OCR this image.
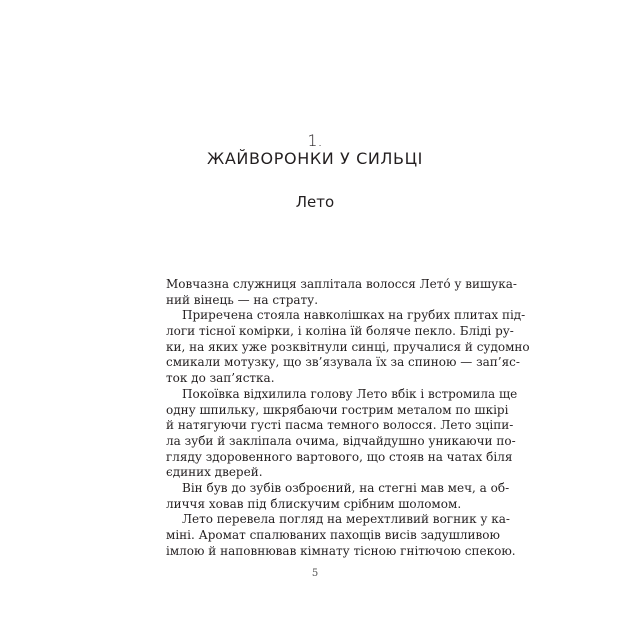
1.
ЖАЙВОРОНКИ У СИЛЬЦІ
Лето
Мовчазна служниця заплітала волосся Лето́ у вишука-
ний вінець — на страту.
Приречена стояла навколішках на грубих плитах під-
логи тісної комірки, і коліна їй боляче пекло. Бліді ру-
ки, на яких уже розквітнули синці, пручалися й судомно
смикали мотузку, що зв’язувала їх за спиною — зап’яс-
ток до зап’ястка.
Покоївка відхилила голову Лето вбік і встромила ще
одну шпильку, шкрябаючи гострим металом по шкірі
й натягуючи густі пасма темного волосся. Лето зціпи-
ла зуби й закліпала очима, відчайдушно уникаючи по-
гляду здоровенного вартового, що стояв на чатах біля
єдиних дверей.
Він був до зубів озброєний, на стегні мав меч, а об-
личчя ховав під блискучим срібним шоломом.
Лето перевела погляд на мерехтливий вогник у ка-
міні. Аромат спалюваних пахощів висів задушливою
імлою й наповнював кімнату тісною гнітючою спекою.
5
